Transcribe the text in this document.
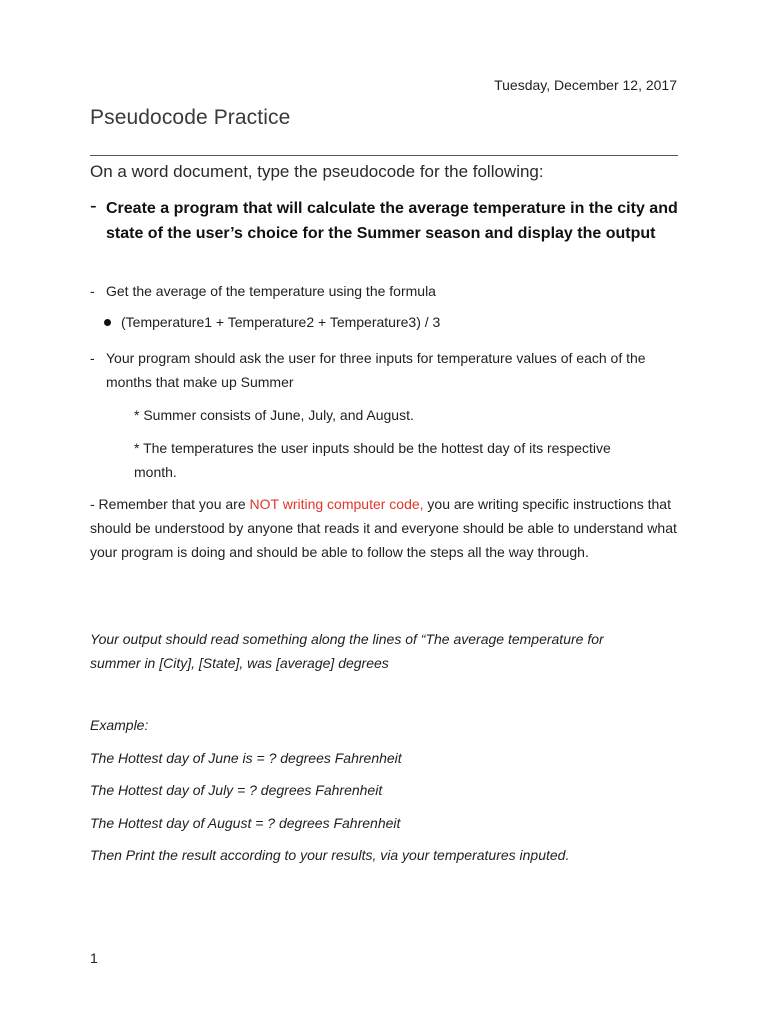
Tuesday, December 12, 2017
Pseudocode Practice
On a word document, type the pseudocode for the following:
- Create a program that will calculate the average temperature in the city and state of the user’s choice for the Summer season and display the output
- Get the average of the temperature using the formula
(Temperature1 + Temperature2 + Temperature3) / 3
- Your program should ask the user for three inputs for temperature values of each of the months that make up Summer
* Summer consists of June, July, and August.
* The temperatures the user inputs should be the hottest day of its respective month.
- Remember that you are NOT writing computer code, you are writing specific instructions that should be understood by anyone that reads it and everyone should be able to understand what your program is doing and should be able to follow the steps all the way through.
Your output should read something along the lines of “The average temperature for summer in [City], [State], was [average] degrees
Example:
The Hottest day of June is = ? degrees Fahrenheit
The Hottest day of July = ? degrees Fahrenheit
The Hottest day of August = ? degrees Fahrenheit
Then Print the result according to your results, via your temperatures inputed.
1
